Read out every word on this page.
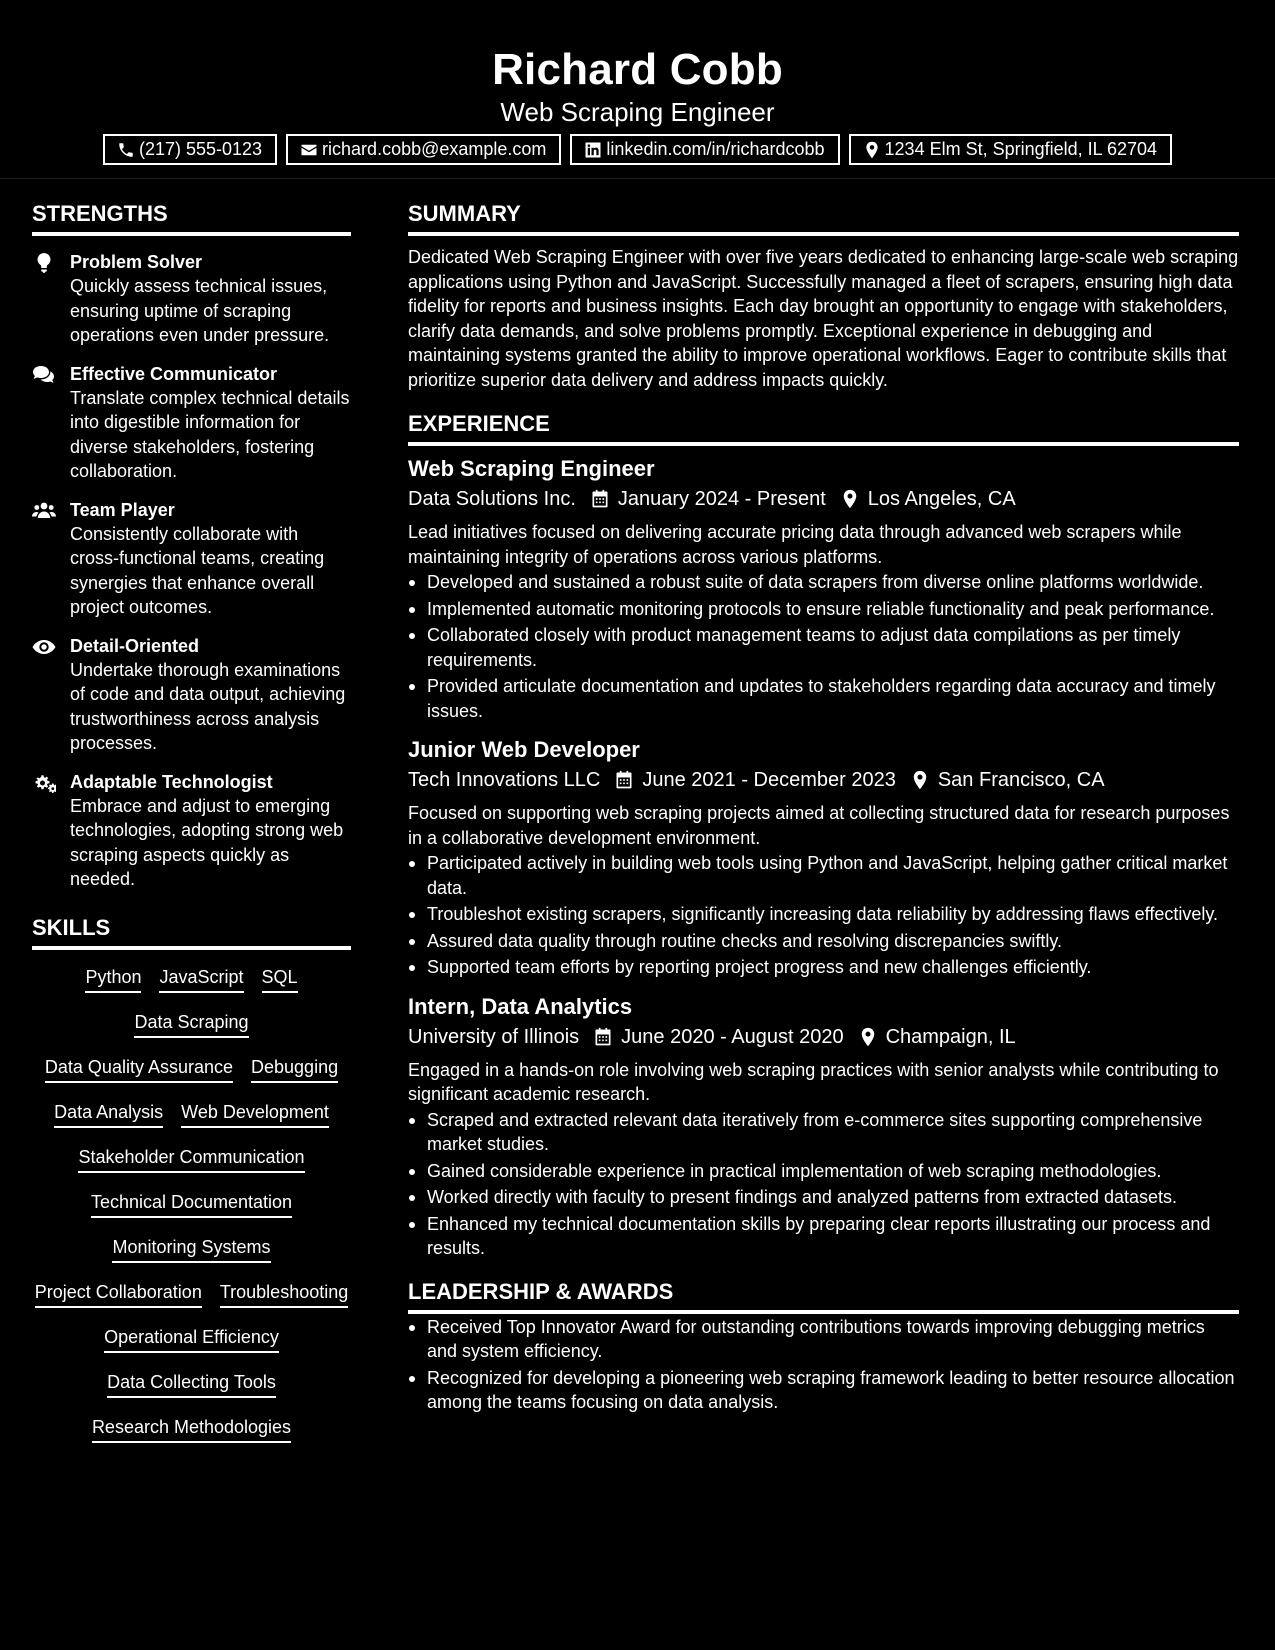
Richard Cobb
Web Scraping Engineer
(217) 555-0123	richard.cobb@example.com	linkedin.com/in/richardcobb	1234 Elm St, Springfield, IL 62704
STRENGTHS
Problem Solver
Quickly assess technical issues, ensuring uptime of scraping operations even under pressure.
Effective Communicator
Translate complex technical details into digestible information for diverse stakeholders, fostering collaboration.
Team Player
Consistently collaborate with cross-functional teams, creating synergies that enhance overall project outcomes.
Detail-Oriented
Undertake thorough examinations of code and data output, achieving trustworthiness across analysis processes.
Adaptable Technologist
Embrace and adjust to emerging technologies, adopting strong web scraping aspects quickly as needed.
SKILLS
Python JavaScript SQL
Data Scraping
Data Quality Assurance Debugging
Data Analysis Web Development
Stakeholder Communication
Technical Documentation
Monitoring Systems
Project Collaboration Troubleshooting
Operational Efficiency
Data Collecting Tools
Research Methodologies
SUMMARY
Dedicated Web Scraping Engineer with over five years dedicated to enhancing large-scale web scraping applications using Python and JavaScript. Successfully managed a fleet of scrapers, ensuring high data fidelity for reports and business insights. Each day brought an opportunity to engage with stakeholders, clarify data demands, and solve problems promptly. Exceptional experience in debugging and maintaining systems granted the ability to improve operational workflows. Eager to contribute skills that prioritize superior data delivery and address impacts quickly.
EXPERIENCE
Web Scraping Engineer
Data Solutions Inc. January 2024 - Present Los Angeles, CA
Lead initiatives focused on delivering accurate pricing data through advanced web scrapers while maintaining integrity of operations across various platforms.
Developed and sustained a robust suite of data scrapers from diverse online platforms worldwide.
Implemented automatic monitoring protocols to ensure reliable functionality and peak performance.
Collaborated closely with product management teams to adjust data compilations as per timely requirements.
Provided articulate documentation and updates to stakeholders regarding data accuracy and timely issues.
Junior Web Developer
Tech Innovations LLC June 2021 - December 2023 San Francisco, CA
Focused on supporting web scraping projects aimed at collecting structured data for research purposes in a collaborative development environment.
Participated actively in building web tools using Python and JavaScript, helping gather critical market data.
Troubleshot existing scrapers, significantly increasing data reliability by addressing flaws effectively.
Assured data quality through routine checks and resolving discrepancies swiftly.
Supported team efforts by reporting project progress and new challenges efficiently.
Intern, Data Analytics
University of Illinois June 2020 - August 2020 Champaign, IL
Engaged in a hands-on role involving web scraping practices with senior analysts while contributing to significant academic research.
Scraped and extracted relevant data iteratively from e-commerce sites supporting comprehensive market studies.
Gained considerable experience in practical implementation of web scraping methodologies.
Worked directly with faculty to present findings and analyzed patterns from extracted datasets.
Enhanced my technical documentation skills by preparing clear reports illustrating our process and results.
LEADERSHIP & AWARDS
Received Top Innovator Award for outstanding contributions towards improving debugging metrics and system efficiency.
Recognized for developing a pioneering web scraping framework leading to better resource allocation among the teams focusing on data analysis.
